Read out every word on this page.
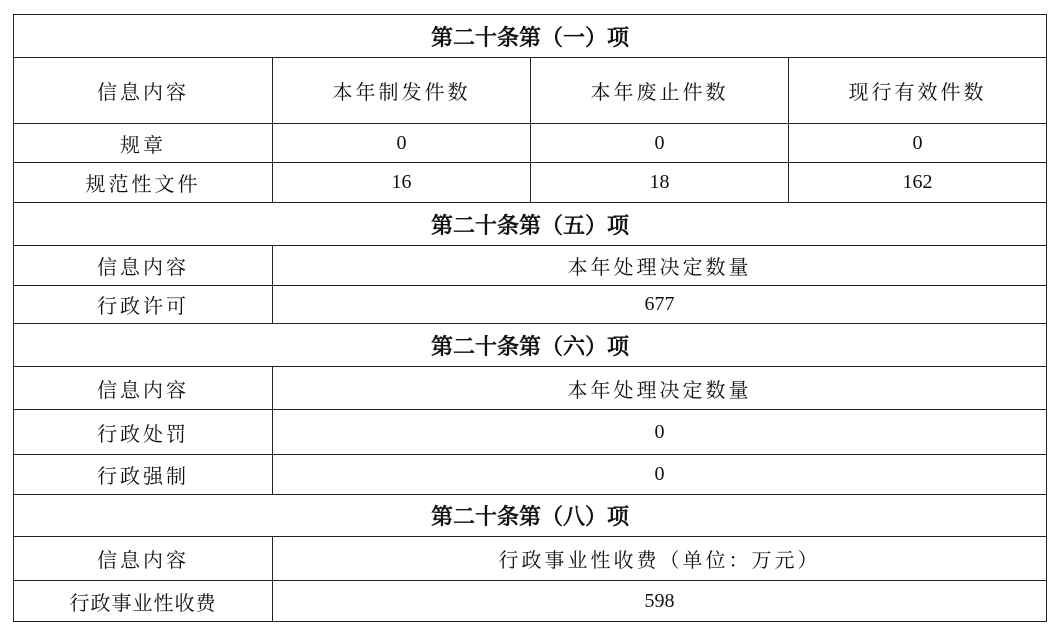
第二十条第（一）项			
信息内容	本年制发件数	本年废止件数	现行有效件数
规章	0	0	0
规范性文件	16	18	162
第二十条第（五）项			
信息内容	本年处理决定数量		
行政许可	677		
第二十条第（六）项			
信息内容	本年处理决定数量		
行政处罚	0		
行政强制	0		
第二十条第（八）项			
信息内容	行政事业性收费（单位：万元）		
行政事业性收费	598		
